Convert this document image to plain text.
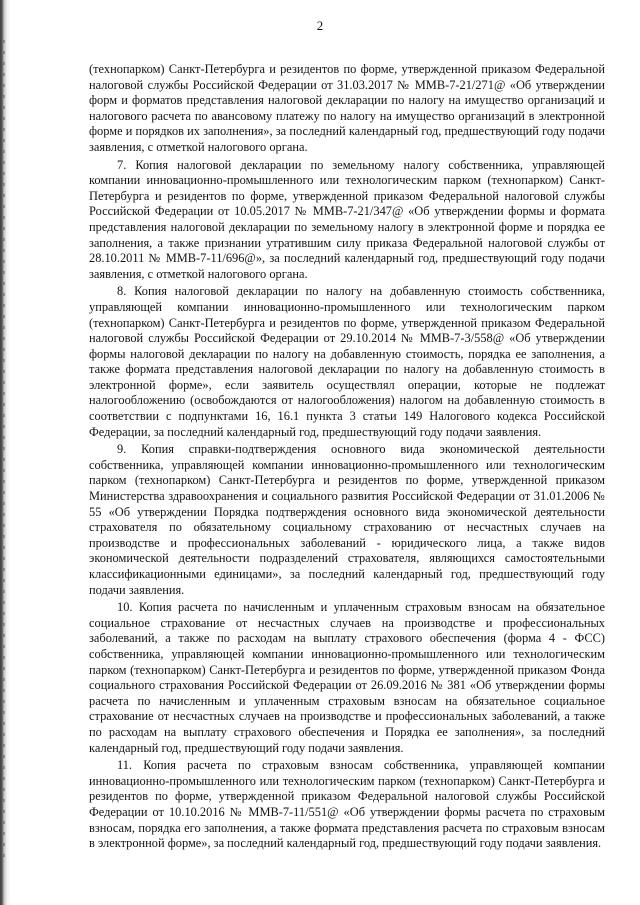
2

(технопарком) Санкт-Петербурга и резидентов по форме, утвержденной приказом Федеральной налоговой службы Российской Федерации от 31.03.2017 № ММВ-7-21/271@ «Об утверждении форм и форматов представления налоговой декларации по налогу на имущество организаций и налогового расчета по авансовому платежу по налогу на имущество организаций в электронной форме и порядков их заполнения», за последний календарный год, предшествующий году подачи заявления, с отметкой налогового органа.

7. Копия налоговой декларации по земельному налогу собственника, управляющей компании инновационно-промышленного или технологическим парком (технопарком) Санкт-Петербурга и резидентов по форме, утвержденной приказом Федеральной налоговой службы Российской Федерации от 10.05.2017 № ММВ-7-21/347@ «Об утверждении формы и формата представления налоговой декларации по земельному налогу в электронной форме и порядка ее заполнения, а также признании утратившим силу приказа Федеральной налоговой службы от 28.10.2011 № ММВ-7-11/696@», за последний календарный год, предшествующий году подачи заявления, с отметкой налогового органа.

8. Копия налоговой декларации по налогу на добавленную стоимость собственника, управляющей компании инновационно-промышленного или технологическим парком (технопарком) Санкт-Петербурга и резидентов по форме, утвержденной приказом Федеральной налоговой службы Российской Федерации от 29.10.2014 № ММВ-7-3/558@ «Об утверждении формы налоговой декларации по налогу на добавленную стоимость, порядка ее заполнения, а также формата представления налоговой декларации по налогу на добавленную стоимость в электронной форме», если заявитель осуществлял операции, которые не подлежат налогообложению (освобождаются от налогообложения) налогом на добавленную стоимость в соответствии с подпунктами 16, 16.1 пункта 3 статьи 149 Налогового кодекса Российской Федерации, за последний календарный год, предшествующий году подачи заявления.

9. Копия справки-подтверждения основного вида экономической деятельности собственника, управляющей компании инновационно-промышленного или технологическим парком (технопарком) Санкт-Петербурга и резидентов по форме, утвержденной приказом Министерства здравоохранения и социального развития Российской Федерации от 31.01.2006 № 55 «Об утверждении Порядка подтверждения основного вида экономической деятельности страхователя по обязательному социальному страхованию от несчастных случаев на производстве и профессиональных заболеваний - юридического лица, а также видов экономической деятельности подразделений страхователя, являющихся самостоятельными классификационными единицами», за последний календарный год, предшествующий году подачи заявления.

10. Копия расчета по начисленным и уплаченным страховым взносам на обязательное социальное страхование от несчастных случаев на производстве и профессиональных заболеваний, а также по расходам на выплату страхового обеспечения (форма 4 - ФСС) собственника, управляющей компании инновационно-промышленного или технологическим парком (технопарком) Санкт-Петербурга и резидентов по форме, утвержденной приказом Фонда социального страхования Российской Федерации от 26.09.2016 № 381 «Об утверждении формы расчета по начисленным и уплаченным страховым взносам на обязательное социальное страхование от несчастных случаев на производстве и профессиональных заболеваний, а также по расходам на выплату страхового обеспечения и Порядка ее заполнения», за последний календарный год, предшествующий году подачи заявления.

11. Копия расчета по страховым взносам собственника, управляющей компании инновационно-промышленного или технологическим парком (технопарком) Санкт-Петербурга и резидентов по форме, утвержденной приказом Федеральной налоговой службы Российской Федерации от 10.10.2016 № ММВ-7-11/551@ «Об утверждении формы расчета по страховым взносам, порядка его заполнения, а также формата представления расчета по страховым взносам в электронной форме», за последний календарный год, предшествующий году подачи заявления.
